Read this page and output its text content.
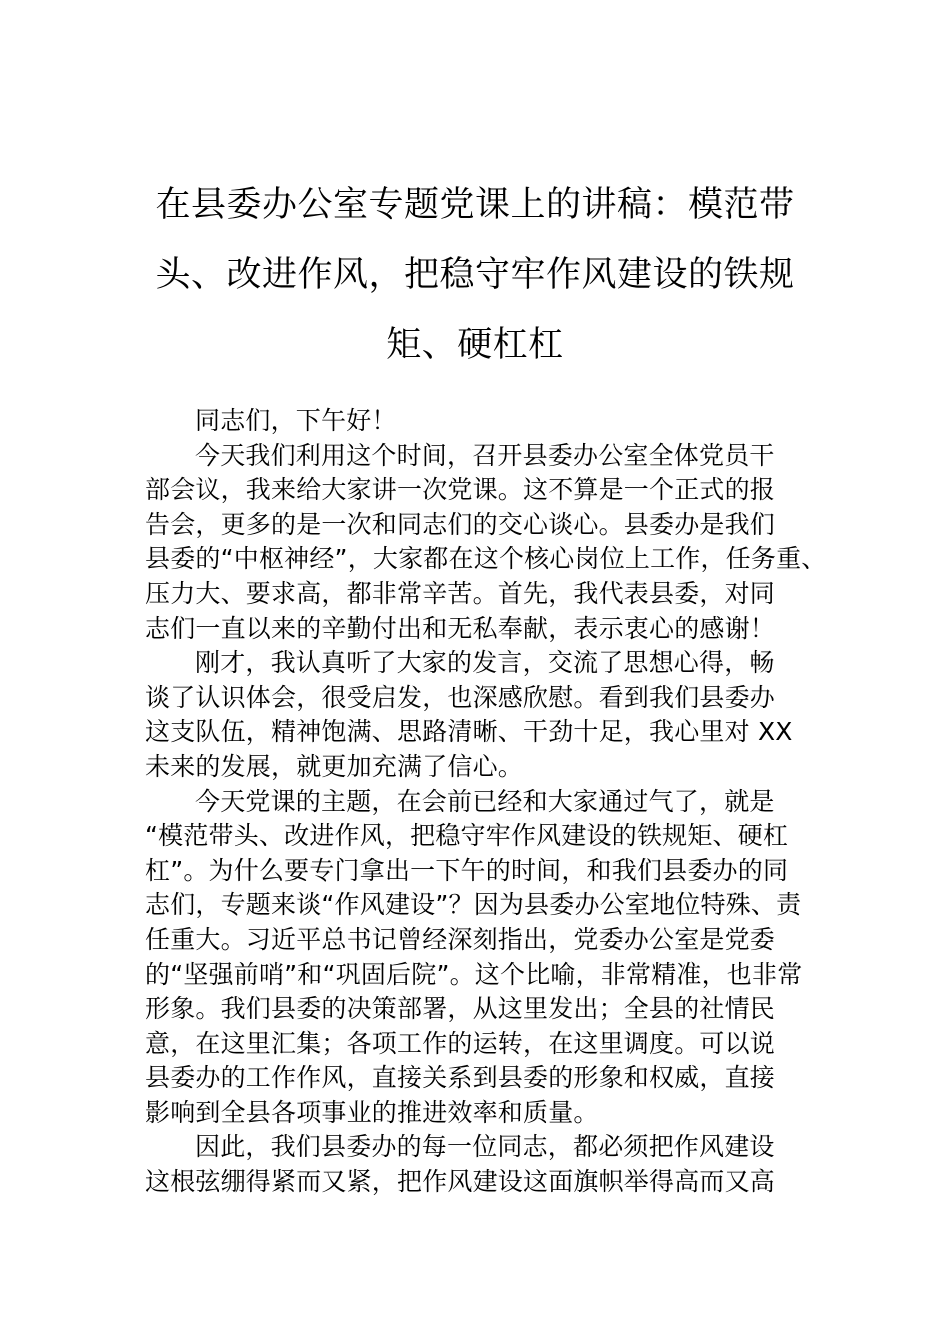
在县委办公室专题党课上的讲稿：模范带
头、改进作风，把稳守牢作风建设的铁规
矩、硬杠杠
同志们，下午好！
今天我们利用这个时间，召开县委办公室全体党员干
部会议，我来给大家讲一次党课。这不算是一个正式的报
告会，更多的是一次和同志们的交心谈心。县委办是我们
县委的“中枢神经”，大家都在这个核心岗位上工作，任务重、
压力大、要求高，都非常辛苦。首先，我代表县委，对同
志们一直以来的辛勤付出和无私奉献，表示衷心的感谢！
刚才，我认真听了大家的发言，交流了思想心得，畅
谈了认识体会，很受启发，也深感欣慰。看到我们县委办
这支队伍，精神饱满、思路清晰、干劲十足，我心里对 XX
未来的发展，就更加充满了信心。
今天党课的主题，在会前已经和大家通过气了，就是
“模范带头、改进作风，把稳守牢作风建设的铁规矩、硬杠
杠”。为什么要专门拿出一下午的时间，和我们县委办的同
志们，专题来谈“作风建设”？因为县委办公室地位特殊、责
任重大。习近平总书记曾经深刻指出，党委办公室是党委
的“坚强前哨”和“巩固后院”。这个比喻，非常精准，也非常
形象。我们县委的决策部署，从这里发出；全县的社情民
意，在这里汇集；各项工作的运转，在这里调度。可以说
县委办的工作作风，直接关系到县委的形象和权威，直接
影响到全县各项事业的推进效率和质量。
因此，我们县委办的每一位同志，都必须把作风建设
这根弦绷得紧而又紧，把作风建设这面旗帜举得高而又高
